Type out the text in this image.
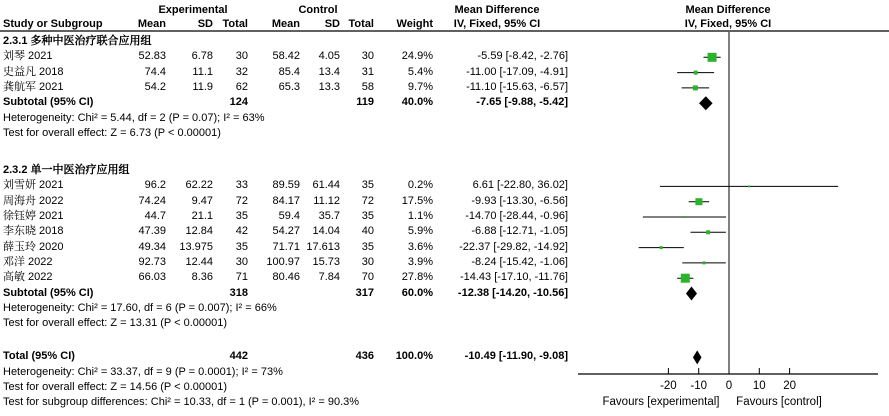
Experimental	Control	Mean Difference	Mean Difference
Study or Subgroup	Mean	SD Total Mean SD Total Weight IV, Fixed, 95% CI	IV, Fixed, 95% CI
2.3.1 多种中医治疗联合应用组
刘琴 2021	52.83 6.78 30 58.42 4.05 30	24.9%	-5.59 [-8.42, -2.76]
史益凡 2018	74.4 11.1 32	85.4 13.4 31	5.4%	-11.00 [-17.09, -4.91]
龚航军 2021	54.2 11.9 62	65.3 13.3 58	9.7%	-11.10 [-15.63, -6.57]
Subtotal (95% CI)	124	119	40.0%	-7.65 [-9.88, -5.42]
Heterogeneity: Chi² = 5.44, df = 2 (P = 0.07); I² = 63%
Test for overall effect: Z = 6.73 (P < 0.00001)
2.3.2 单一中医治疗应用组
刘雪妍 2021	96.2 62.22 33 89.59 61.44 35	0.2%	6.61 [-22.80, 36.02]
周海舟 2022	74.24 9.47 72 84.17 11.12 72	17.5%	-9.93 [-13.30, -6.56]
徐钰婷 2021	44.7 21.1 35	59.4 35.7 35	1.1%	-14.70 [-28.44, -0.96]
李东晓 2018	47.39 12.84 42 54.27 14.04 40	5.9%	-6.88 [-12.71, -1.05]
薛玉玲 2020	49.34 13.975 35 71.71 17.613 35	3.6% -22.37 [-29.82, -14.92]
邓洋 2022	92.73 12.44 30 100.97 15.73 30	3.9%	-8.24 [-15.42, -1.06]
高敏 2022	66.03 8.36 71 80.46 7.84 70	27.8% -14.43 [-17.10, -11.76]
Subtotal (95% CI)	318	317	60.0% -12.38 [-14.20, -10.56]
Heterogeneity: Chi² = 17.60, df = 6 (P = 0.007); I² = 66%
Test for overall effect: Z = 13.31 (P < 0.00001)
Total (95% CI)	442	436 100.0%	-10.49 [-11.90, -9.08]
Heterogeneity: Chi² = 33.37, df = 9 (P = 0.0001); I² = 73%
Test for overall effect: Z = 14.56 (P < 0.00001)
Test for subgroup differences: Chi² = 10.33, df = 1 (P = 0.001), I² = 90.3%
-20 -10 0 10 20
Favours [experimental] Favours [control]
